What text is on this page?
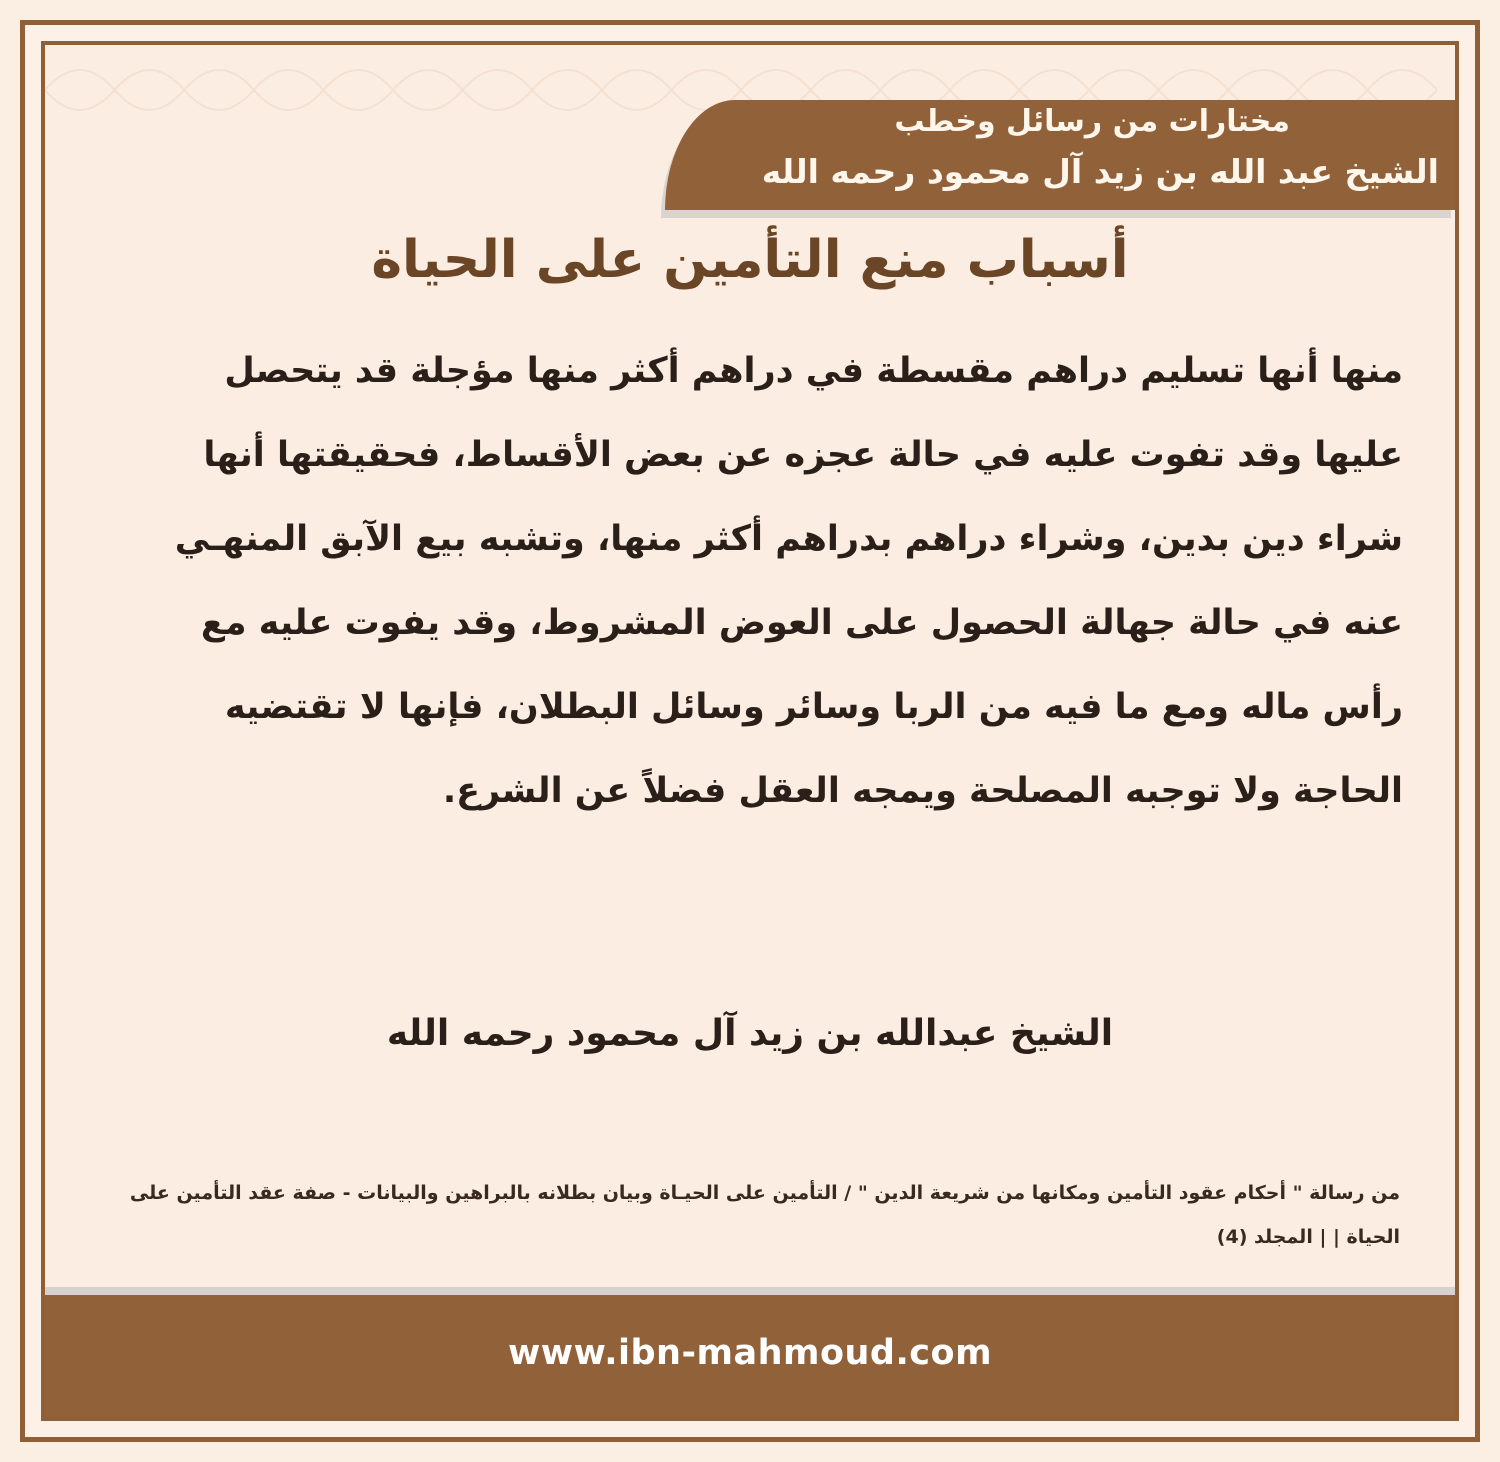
مختارات من رسائل وخطب
الشيخ عبد الله بن زيد آل محمود رحمه الله
أسباب منع التأمين على الحياة
منها أنها تسليم دراهم مقسطة في دراهم أكثر منها مؤجلة قد يتحصل عليها وقد تفوت عليه في حالة عجزه عن بعض الأقساط، فحقيقتها أنها شراء دين بدين، وشراء دراهم بدراهم أكثر منها، وتشبه بيع الآبق المنهـي عنه في حالة جهالة الحصول على العوض المشروط، وقد يفوت عليه مع رأس ماله ومع ما فيه من الربا وسائر وسائل البطلان، فإنها لا تقتضيه الحاجة ولا توجبه المصلحة ويمجه العقل فضلاً عن الشرع.
الشيخ عبدالله بن زيد آل محمود رحمه الله
من رسالة " أحكام عقود التأمين ومكانها من شريعة الدين " / التأمين على الحيـاة وبيان بطلانه بالبراهين والبيانات - صفة عقد التأمين على الحياة | | المجلد (4)
www.ibn-mahmoud.com
